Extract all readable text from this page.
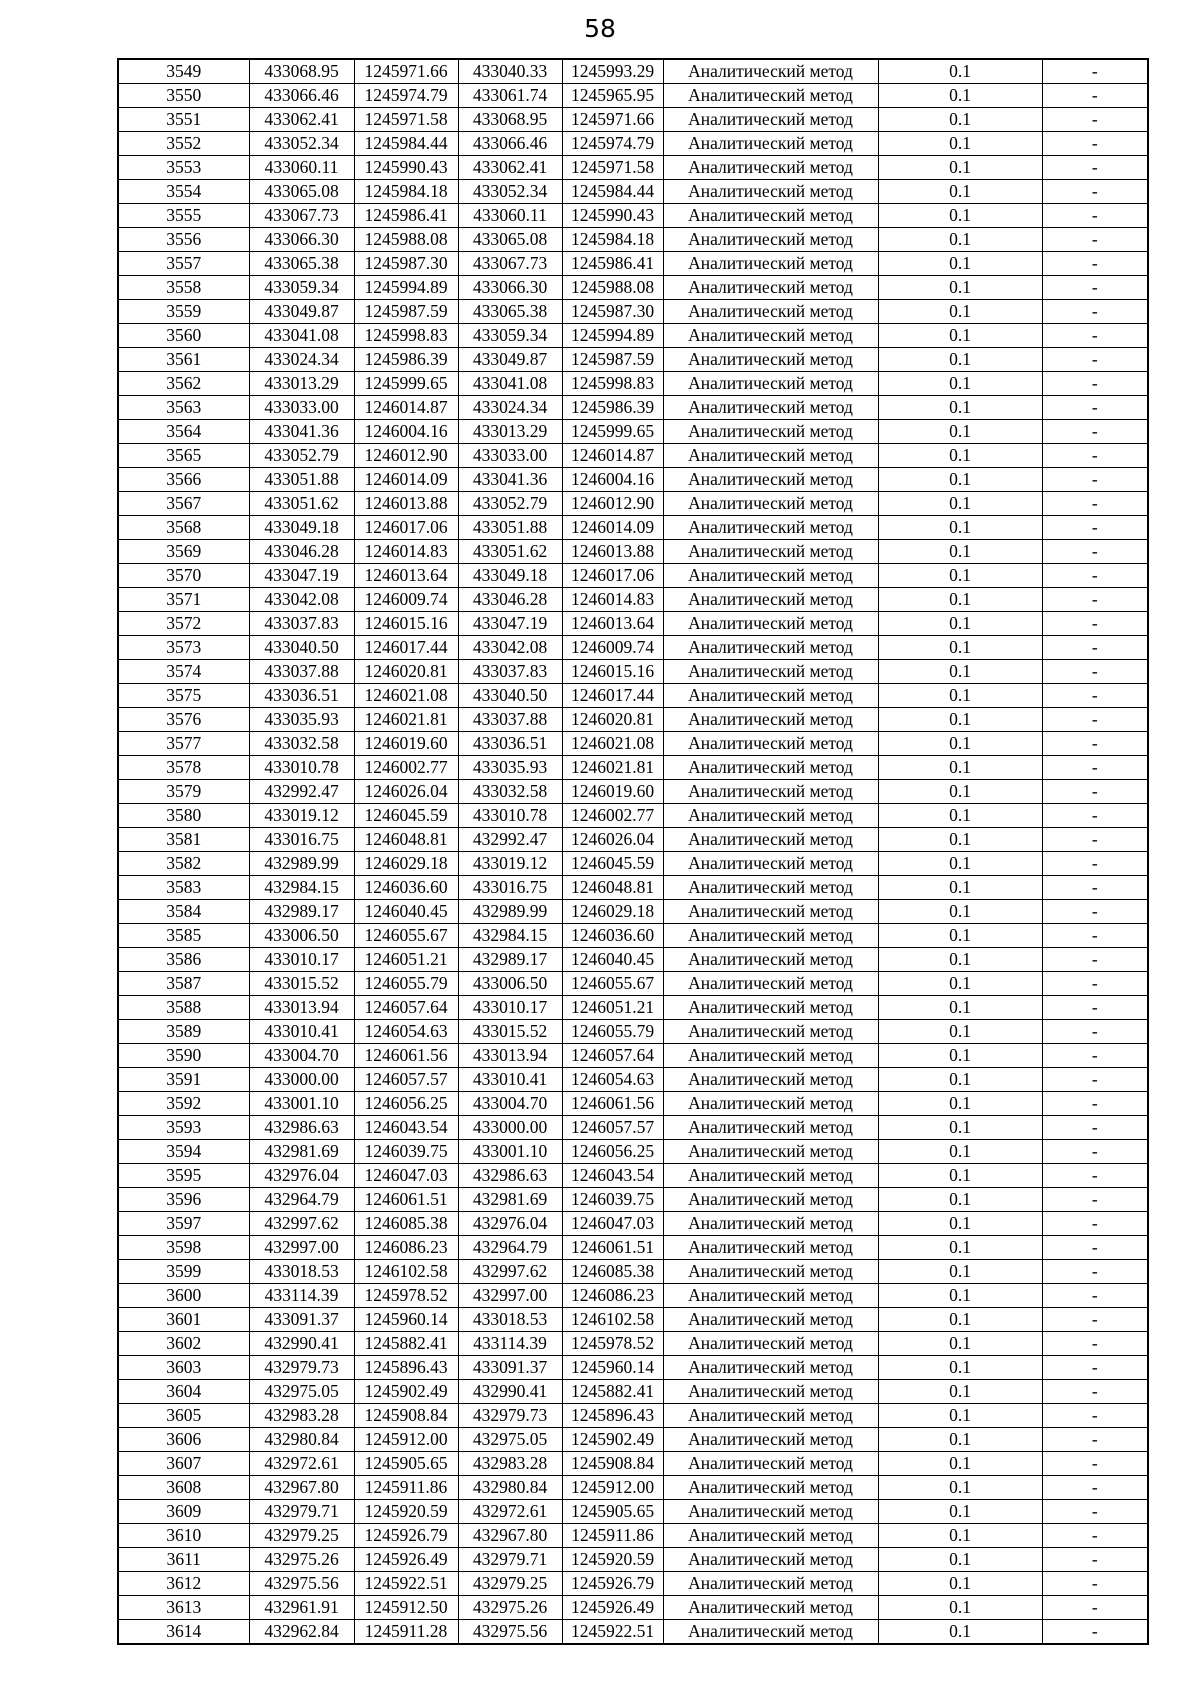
58
3549	433068.95	1245971.66	433040.33	1245993.29	Аналитический метод	0.1	-
3550	433066.46	1245974.79	433061.74	1245965.95	Аналитический метод	0.1	-
3551	433062.41	1245971.58	433068.95	1245971.66	Аналитический метод	0.1	-
3552	433052.34	1245984.44	433066.46	1245974.79	Аналитический метод	0.1	-
3553	433060.11	1245990.43	433062.41	1245971.58	Аналитический метод	0.1	-
3554	433065.08	1245984.18	433052.34	1245984.44	Аналитический метод	0.1	-
3555	433067.73	1245986.41	433060.11	1245990.43	Аналитический метод	0.1	-
3556	433066.30	1245988.08	433065.08	1245984.18	Аналитический метод	0.1	-
3557	433065.38	1245987.30	433067.73	1245986.41	Аналитический метод	0.1	-
3558	433059.34	1245994.89	433066.30	1245988.08	Аналитический метод	0.1	-
3559	433049.87	1245987.59	433065.38	1245987.30	Аналитический метод	0.1	-
3560	433041.08	1245998.83	433059.34	1245994.89	Аналитический метод	0.1	-
3561	433024.34	1245986.39	433049.87	1245987.59	Аналитический метод	0.1	-
3562	433013.29	1245999.65	433041.08	1245998.83	Аналитический метод	0.1	-
3563	433033.00	1246014.87	433024.34	1245986.39	Аналитический метод	0.1	-
3564	433041.36	1246004.16	433013.29	1245999.65	Аналитический метод	0.1	-
3565	433052.79	1246012.90	433033.00	1246014.87	Аналитический метод	0.1	-
3566	433051.88	1246014.09	433041.36	1246004.16	Аналитический метод	0.1	-
3567	433051.62	1246013.88	433052.79	1246012.90	Аналитический метод	0.1	-
3568	433049.18	1246017.06	433051.88	1246014.09	Аналитический метод	0.1	-
3569	433046.28	1246014.83	433051.62	1246013.88	Аналитический метод	0.1	-
3570	433047.19	1246013.64	433049.18	1246017.06	Аналитический метод	0.1	-
3571	433042.08	1246009.74	433046.28	1246014.83	Аналитический метод	0.1	-
3572	433037.83	1246015.16	433047.19	1246013.64	Аналитический метод	0.1	-
3573	433040.50	1246017.44	433042.08	1246009.74	Аналитический метод	0.1	-
3574	433037.88	1246020.81	433037.83	1246015.16	Аналитический метод	0.1	-
3575	433036.51	1246021.08	433040.50	1246017.44	Аналитический метод	0.1	-
3576	433035.93	1246021.81	433037.88	1246020.81	Аналитический метод	0.1	-
3577	433032.58	1246019.60	433036.51	1246021.08	Аналитический метод	0.1	-
3578	433010.78	1246002.77	433035.93	1246021.81	Аналитический метод	0.1	-
3579	432992.47	1246026.04	433032.58	1246019.60	Аналитический метод	0.1	-
3580	433019.12	1246045.59	433010.78	1246002.77	Аналитический метод	0.1	-
3581	433016.75	1246048.81	432992.47	1246026.04	Аналитический метод	0.1	-
3582	432989.99	1246029.18	433019.12	1246045.59	Аналитический метод	0.1	-
3583	432984.15	1246036.60	433016.75	1246048.81	Аналитический метод	0.1	-
3584	432989.17	1246040.45	432989.99	1246029.18	Аналитический метод	0.1	-
3585	433006.50	1246055.67	432984.15	1246036.60	Аналитический метод	0.1	-
3586	433010.17	1246051.21	432989.17	1246040.45	Аналитический метод	0.1	-
3587	433015.52	1246055.79	433006.50	1246055.67	Аналитический метод	0.1	-
3588	433013.94	1246057.64	433010.17	1246051.21	Аналитический метод	0.1	-
3589	433010.41	1246054.63	433015.52	1246055.79	Аналитический метод	0.1	-
3590	433004.70	1246061.56	433013.94	1246057.64	Аналитический метод	0.1	-
3591	433000.00	1246057.57	433010.41	1246054.63	Аналитический метод	0.1	-
3592	433001.10	1246056.25	433004.70	1246061.56	Аналитический метод	0.1	-
3593	432986.63	1246043.54	433000.00	1246057.57	Аналитический метод	0.1	-
3594	432981.69	1246039.75	433001.10	1246056.25	Аналитический метод	0.1	-
3595	432976.04	1246047.03	432986.63	1246043.54	Аналитический метод	0.1	-
3596	432964.79	1246061.51	432981.69	1246039.75	Аналитический метод	0.1	-
3597	432997.62	1246085.38	432976.04	1246047.03	Аналитический метод	0.1	-
3598	432997.00	1246086.23	432964.79	1246061.51	Аналитический метод	0.1	-
3599	433018.53	1246102.58	432997.62	1246085.38	Аналитический метод	0.1	-
3600	433114.39	1245978.52	432997.00	1246086.23	Аналитический метод	0.1	-
3601	433091.37	1245960.14	433018.53	1246102.58	Аналитический метод	0.1	-
3602	432990.41	1245882.41	433114.39	1245978.52	Аналитический метод	0.1	-
3603	432979.73	1245896.43	433091.37	1245960.14	Аналитический метод	0.1	-
3604	432975.05	1245902.49	432990.41	1245882.41	Аналитический метод	0.1	-
3605	432983.28	1245908.84	432979.73	1245896.43	Аналитический метод	0.1	-
3606	432980.84	1245912.00	432975.05	1245902.49	Аналитический метод	0.1	-
3607	432972.61	1245905.65	432983.28	1245908.84	Аналитический метод	0.1	-
3608	432967.80	1245911.86	432980.84	1245912.00	Аналитический метод	0.1	-
3609	432979.71	1245920.59	432972.61	1245905.65	Аналитический метод	0.1	-
3610	432979.25	1245926.79	432967.80	1245911.86	Аналитический метод	0.1	-
3611	432975.26	1245926.49	432979.71	1245920.59	Аналитический метод	0.1	-
3612	432975.56	1245922.51	432979.25	1245926.79	Аналитический метод	0.1	-
3613	432961.91	1245912.50	432975.26	1245926.49	Аналитический метод	0.1	-
3614	432962.84	1245911.28	432975.56	1245922.51	Аналитический метод	0.1	-
